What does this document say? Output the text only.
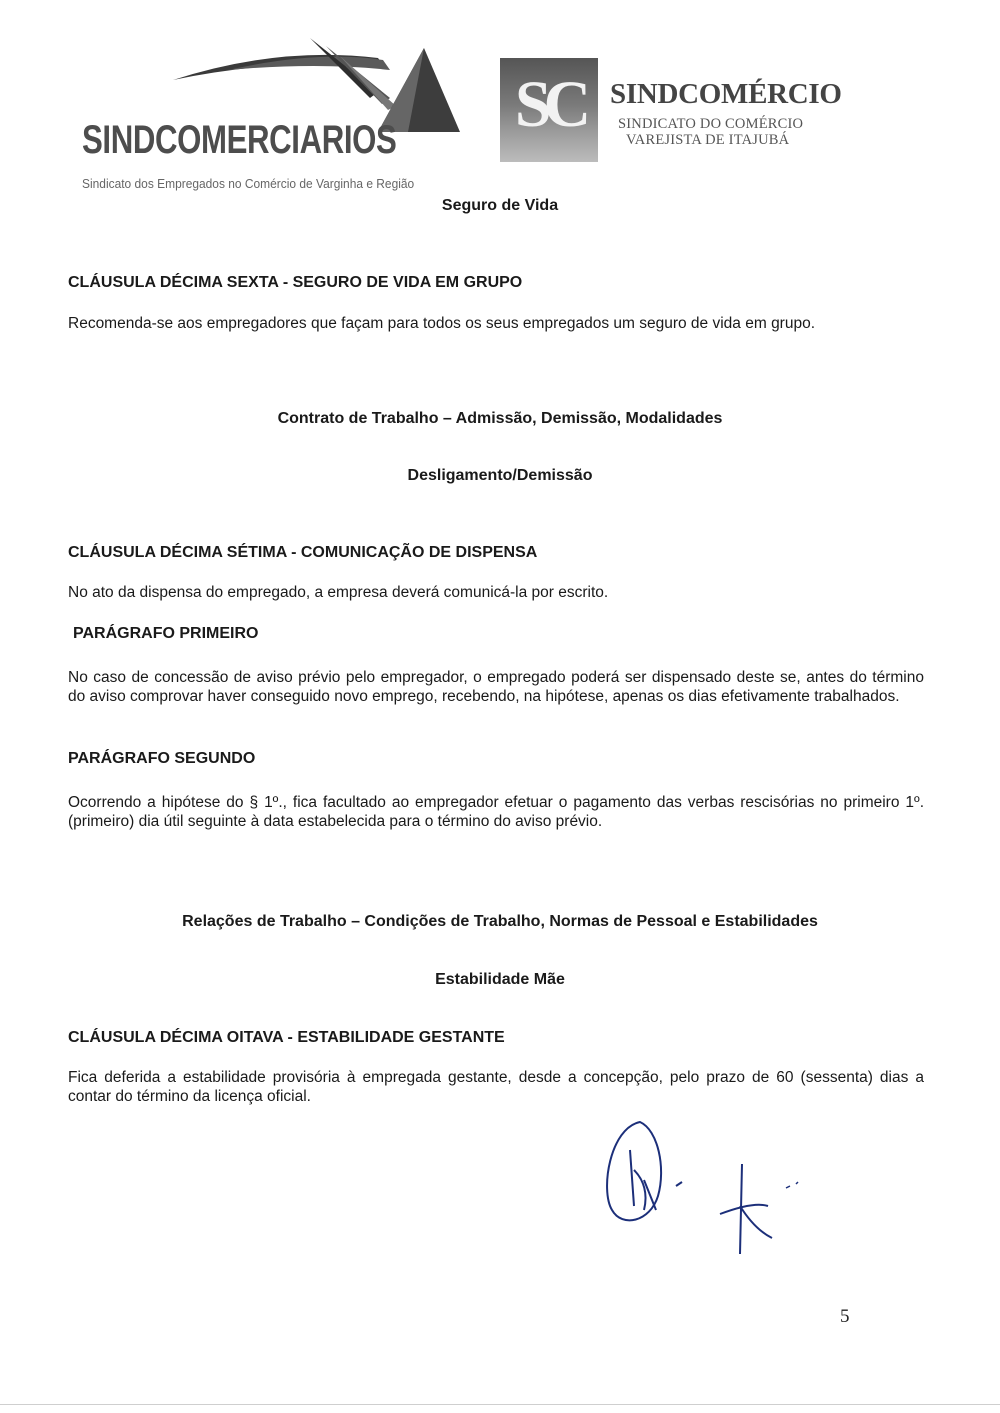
SINDCOMERCIARIOS
Sindicato dos Empregados no Comércio de Varginha e Região
SC SINDCOMÉRCIO
SINDICATO DO COMÉRCIO
VAREJISTA DE ITAJUBÁ
Seguro de Vida
CLÁUSULA DÉCIMA SEXTA - SEGURO DE VIDA EM GRUPO
Recomenda-se aos empregadores que façam para todos os seus empregados um seguro de vida em grupo.
Contrato de Trabalho – Admissão, Demissão, Modalidades
Desligamento/Demissão
CLÁUSULA DÉCIMA SÉTIMA - COMUNICAÇÃO DE DISPENSA
No ato da dispensa do empregado, a empresa deverá comunicá-la por escrito.
PARÁGRAFO PRIMEIRO
No caso de concessão de aviso prévio pelo empregador, o empregado poderá ser dispensado deste se, antes do término do aviso comprovar haver conseguido novo emprego, recebendo, na hipótese, apenas os dias efetivamente trabalhados.
PARÁGRAFO SEGUNDO
Ocorrendo a hipótese do § 1º., fica facultado ao empregador efetuar o pagamento das verbas rescisórias no primeiro 1º. (primeiro) dia útil seguinte à data estabelecida para o término do aviso prévio.
Relações de Trabalho – Condições de Trabalho, Normas de Pessoal e Estabilidades
Estabilidade Mãe
CLÁUSULA DÉCIMA OITAVA - ESTABILIDADE GESTANTE
Fica deferida a estabilidade provisória à empregada gestante, desde a concepção, pelo prazo de 60 (sessenta) dias a contar do término da licença oficial.
5
